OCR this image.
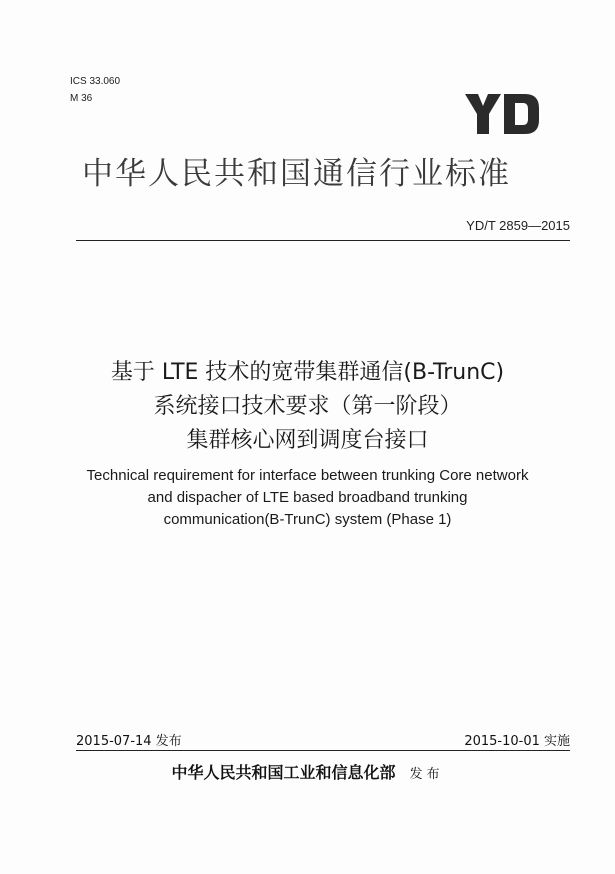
ICS 33.060
M 36
中华人民共和国通信行业标准
YD/T 2859—2015
基于 LTE 技术的宽带集群通信(B-TrunC)
系统接口技术要求（第一阶段）
集群核心网到调度台接口
Technical requirement for interface between trunking Core network
and dispacher of LTE based broadband trunking
communication(B-TrunC) system (Phase 1)
2015-07-14 发布	2015-10-01 实施
中华人民共和国工业和信息化部 发布
